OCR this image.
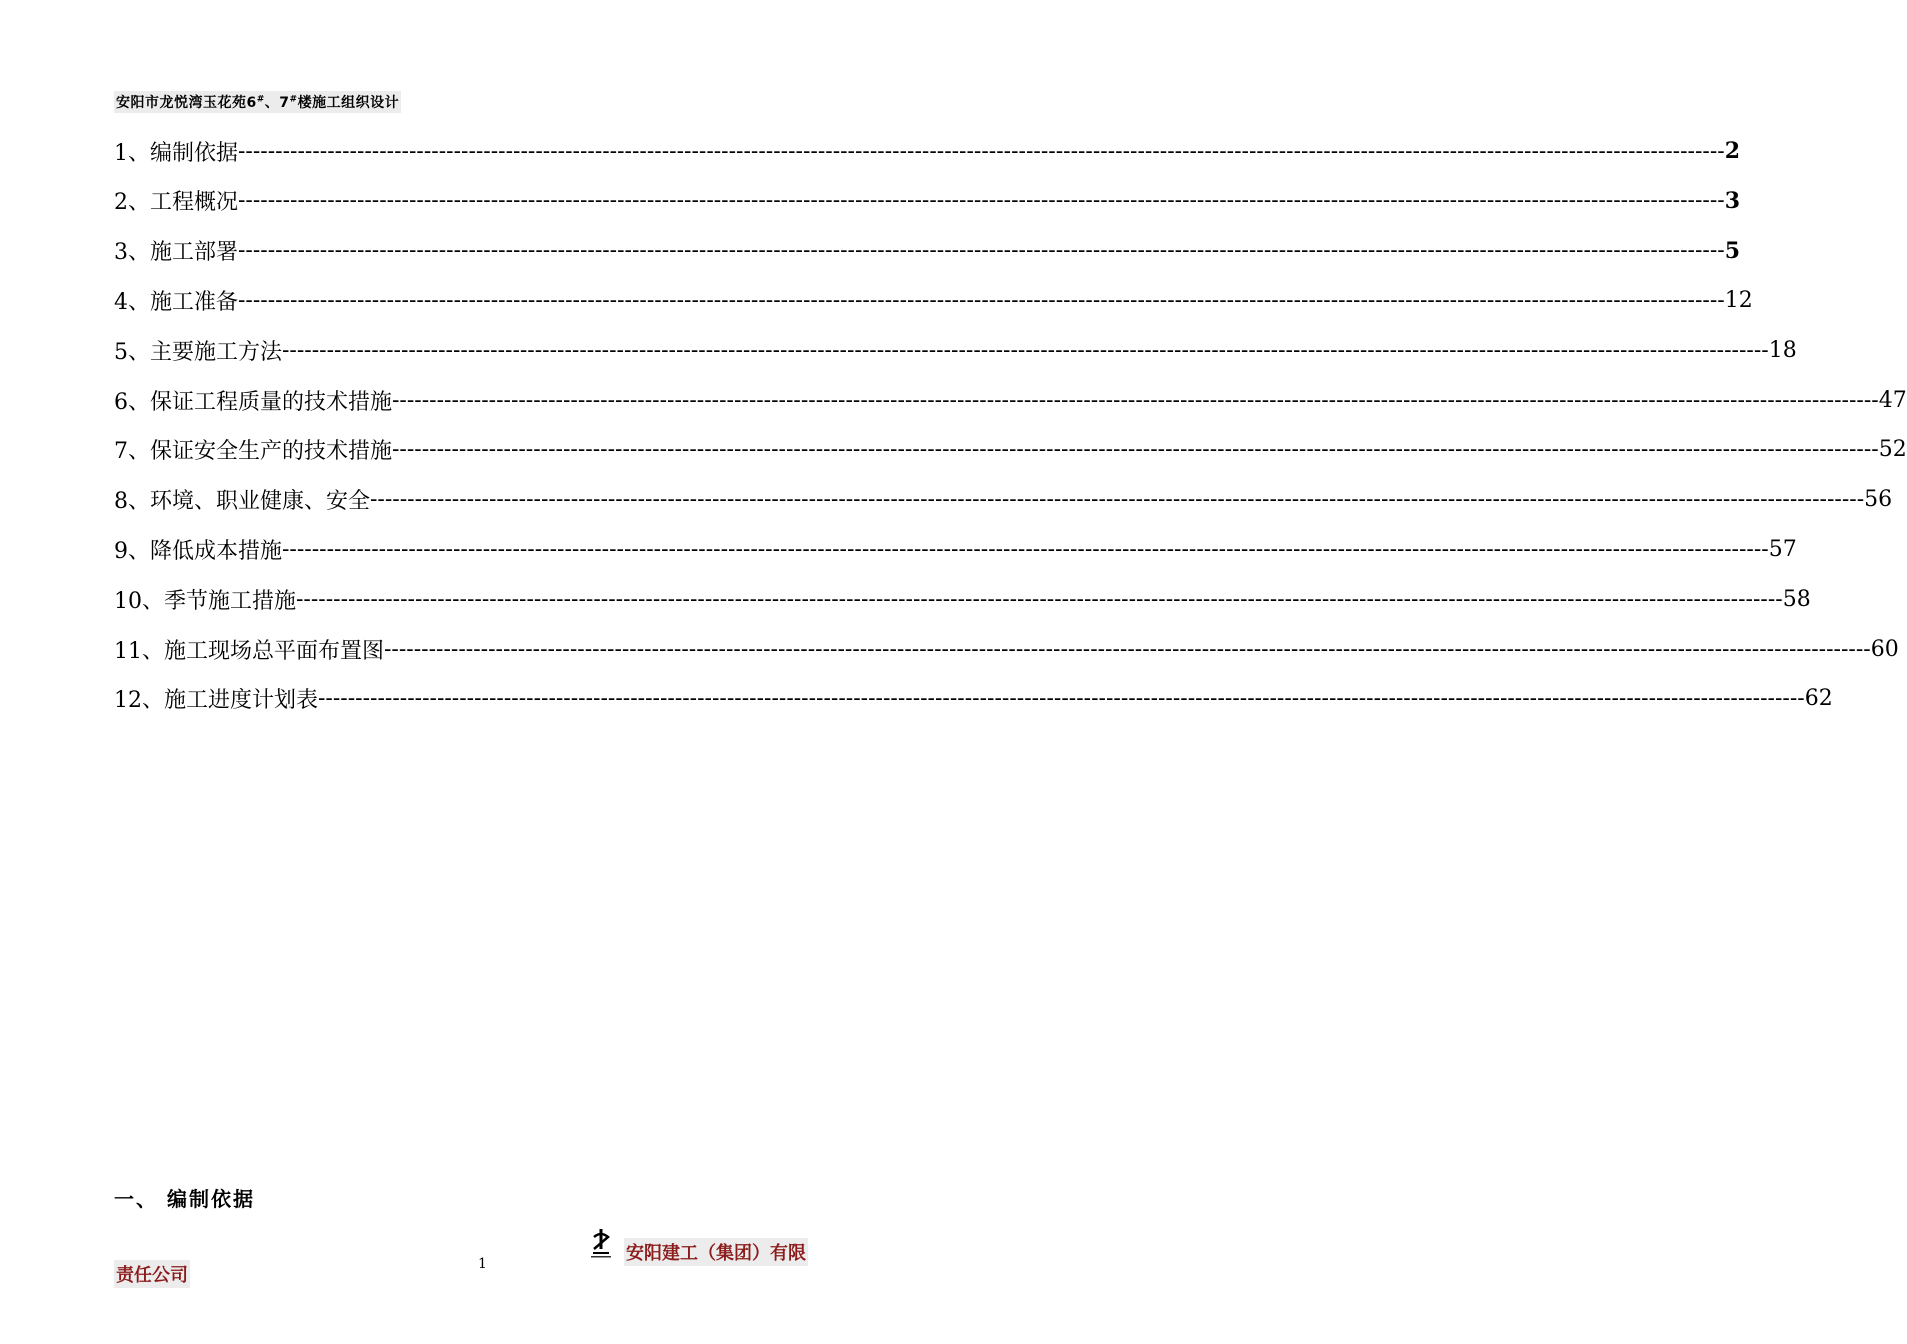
安阳市龙悦湾玉花苑6#、7#楼施工组织设计
1、编制依据 -------------------------------------------------------------------------------------------------------------------------------------------------------------------------------------------------------- 2
2、工程概况 -------------------------------------------------------------------------------------------------------------------------------------------------------------------------------------------------------- 3
3、施工部署 -------------------------------------------------------------------------------------------------------------------------------------------------------------------------------------------------------- 5
4、施工准备 -------------------------------------------------------------------------------------------------------------------------------------------------------------------------------------------------------- 12
5、主要施工方法 -------------------------------------------------------------------------------------------------------------------------------------------------------------------------------------------------------- 18
6、保证工程质量的技术措施 -------------------------------------------------------------------------------------------------------------------------------------------------------------------------------------------------------- 47
7、保证安全生产的技术措施 -------------------------------------------------------------------------------------------------------------------------------------------------------------------------------------------------------- 52
8、环境、职业健康、安全 -------------------------------------------------------------------------------------------------------------------------------------------------------------------------------------------------------- -56
9、降低成本措施 -------------------------------------------------------------------------------------------------------------------------------------------------------------------------------------------------------- 57
10、季节施工措施 -------------------------------------------------------------------------------------------------------------------------------------------------------------------------------------------------------- 58
11、施工现场总平面布置图 -------------------------------------------------------------------------------------------------------------------------------------------------------------------------------------------------------- 60
12、施工进度计划表 -------------------------------------------------------------------------------------------------------------------------------------------------------------------------------------------------------- 62
一、 编制依据
安阳建工（集团）有限
责任公司
1
